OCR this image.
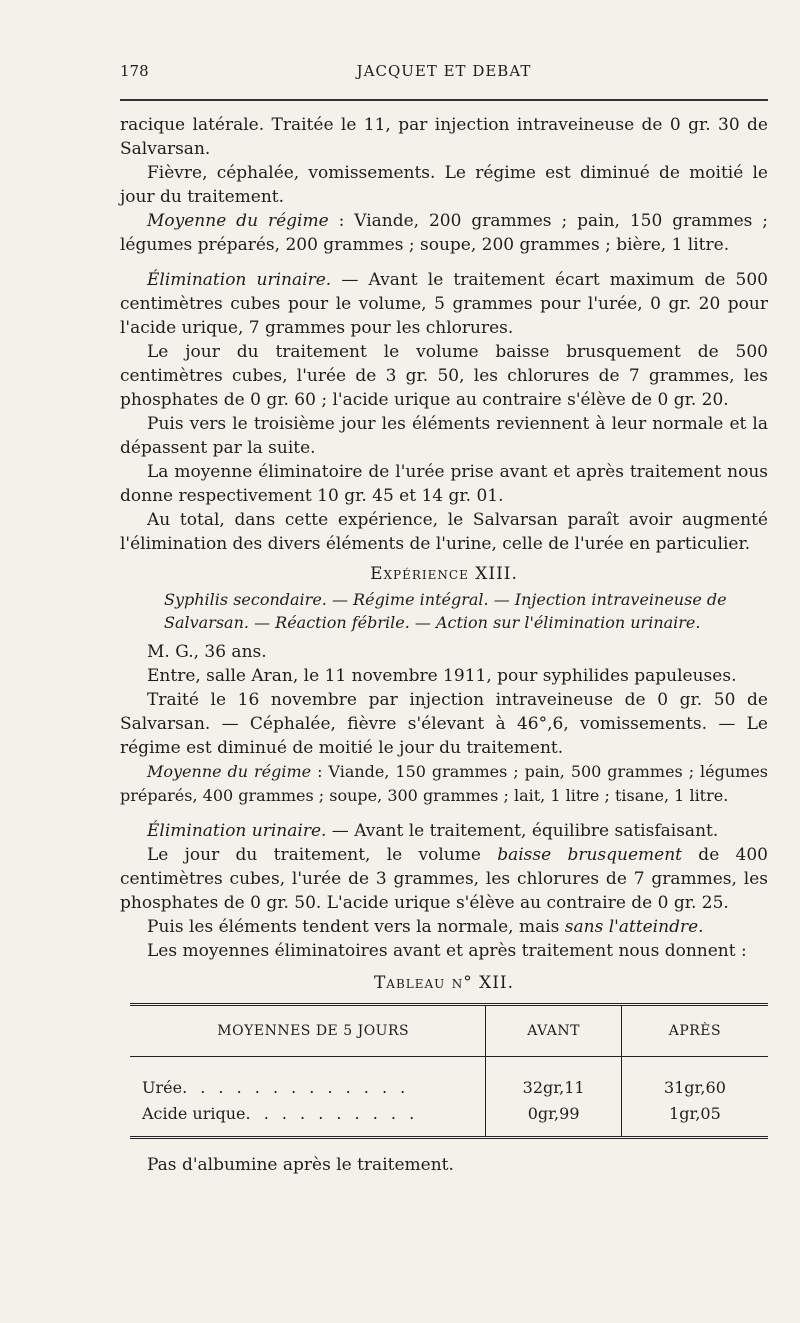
178	JACQUET ET DEBAT

racique latérale. Traitée le 11, par injection intraveineuse de 0 gr. 30 de Salvarsan.

Fièvre, céphalée, vomissements. Le régime est diminué de moitié le jour du traitement.

Moyenne du régime : Viande, 200 grammes ; pain, 150 grammes ; légumes préparés, 200 grammes ; soupe, 200 grammes ; bière, 1 litre.

Élimination urinaire. — Avant le traitement écart maximum de 500 centimètres cubes pour le volume, 5 grammes pour l'urée, 0 gr. 20 pour l'acide urique, 7 grammes pour les chlorures.

Le jour du traitement le volume baisse brusquement de 500 centimètres cubes, l'urée de 3 gr. 50, les chlorures de 7 grammes, les phosphates de 0 gr. 60 ; l'acide urique au contraire s'élève de 0 gr. 20.

Puis vers le troisième jour les éléments reviennent à leur normale et la dépassent par la suite.

La moyenne éliminatoire de l'urée prise avant et après traitement nous donne respectivement 10 gr. 45 et 14 gr. 01.

Au total, dans cette expérience, le Salvarsan paraît avoir augmenté l'élimination des divers éléments de l'urine, celle de l'urée en particulier.

Expérience XIII.

Syphilis secondaire. — Régime intégral. — Injection intraveineuse de
Salvarsan. — Réaction fébrile. — Action sur l'élimination urinaire.

M. G., 36 ans.

Entre, salle Aran, le 11 novembre 1911, pour syphilides papuleuses.

Traité le 16 novembre par injection intraveineuse de 0 gr. 50 de Salvarsan. — Céphalée, fièvre s'élevant à 46°,6, vomissements. — Le régime est diminué de moitié le jour du traitement.

Moyenne du régime : Viande, 150 grammes ; pain, 500 grammes ; légumes préparés, 400 grammes ; soupe, 300 grammes ; lait, 1 litre ; tisane, 1 litre.

Élimination urinaire. — Avant le traitement, équilibre satisfaisant.

Le jour du traitement, le volume baisse brusquement de 400 centimètres cubes, l'urée de 3 grammes, les chlorures de 7 grammes, les phosphates de 0 gr. 50. L'acide urique s'élève au contraire de 0 gr. 25.

Puis les éléments tendent vers la normale, mais sans l'atteindre.

Les moyennes éliminatoires avant et après traitement nous donnent :

Tableau n° XII.

MOYENNES DE 5 JOURS	AVANT	APRÈS

Urée. . . . . . . . . . . . .	32gr,11	31gr,60
Acide urique. . . . . . . . . .	0gr,99	1gr,05

Pas d'albumine après le traitement.
